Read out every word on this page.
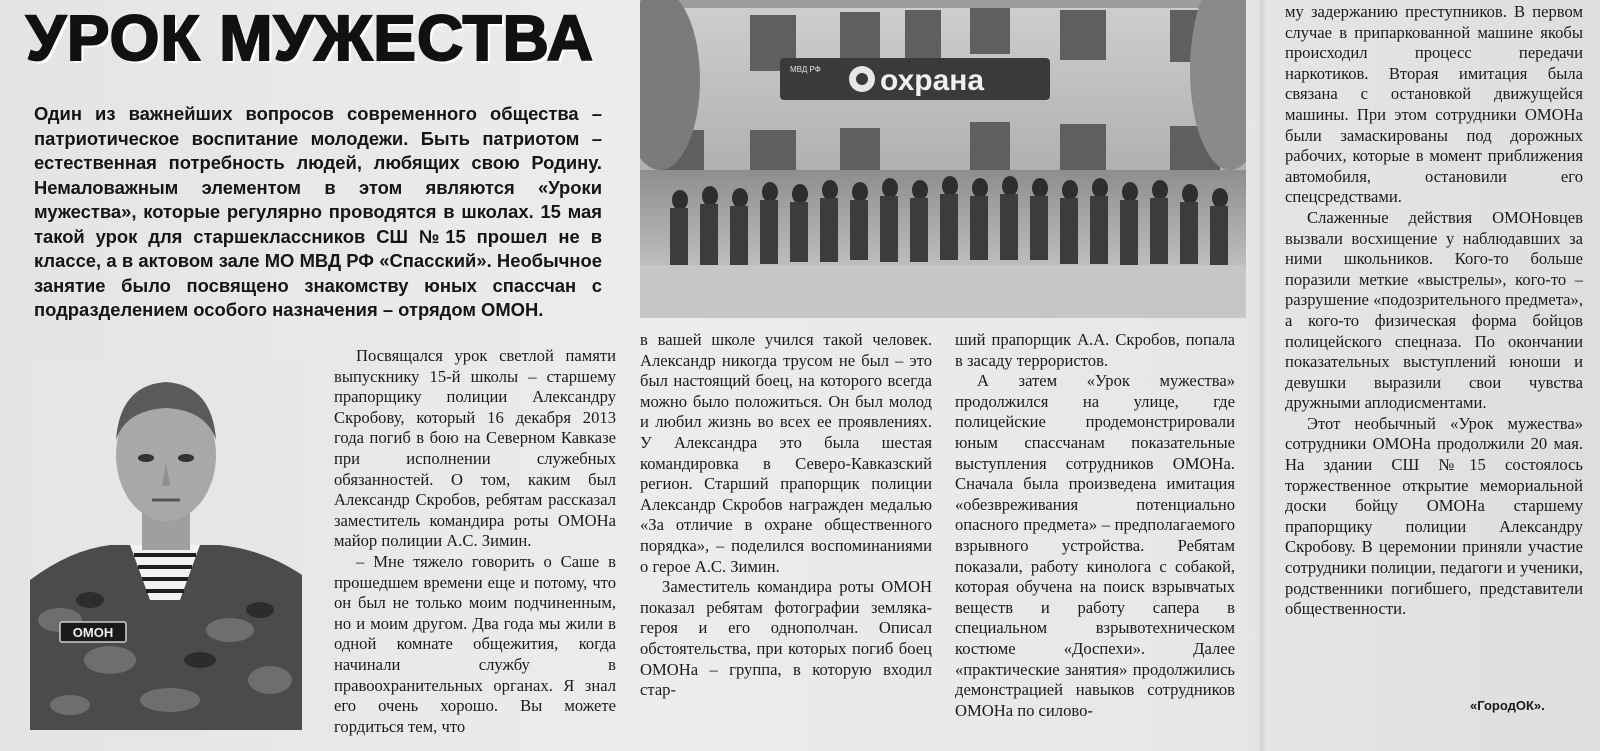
УРОК МУЖЕСТВА
Один из важнейших вопросов современного общества – патриотическое воспитание молодежи. Быть патриотом – естественная потребность людей, любящих свою Родину. Немаловажным элементом в этом являются «Уроки мужества», которые регулярно проводятся в школах. 15 мая такой урок для старшеклассников СШ №15 прошел не в классе, а в актовом зале МО МВД РФ «Спасский». Необычное занятие было посвящено знакомству юных спассчан с подразделением особого назначения – отрядом ОМОН.
охрана
МВД РФ
ОМОН

Посвящался урок светлой памяти выпускнику 15-й школы – старшему прапорщику полиции Александру Скробову, который 16 декабря 2013 года погиб в бою на Северном Кавказе при исполнении служебных обязанностей. О том, каким был Александр Скробов, ребятам рассказал заместитель командира роты ОМОНа майор полиции А.С. Зимин.

– Мне тяжело говорить о Саше в прошедшем времени еще и потому, что он был не только моим подчиненным, но и моим другом. Два года мы жили в одной комнате общежития, когда начинали службу в правоохранительных органах. Я знал его очень хорошо. Вы можете гордиться тем, что

в вашей школе учился такой человек. Александр никогда трусом не был – это был настоящий боец, на которого всегда можно было положиться. Он был молод и любил жизнь во всех ее проявлениях. У Александра это была шестая командировка в Северо-Кавказский регион. Старший прапорщик полиции Александр Скробов награжден медалью «За отличие в охране общественного порядка», – поделился воспоминаниями о герое А.С. Зимин.

Заместитель командира роты ОМОН показал ребятам фотографии земляка-героя и его однополчан. Описал обстоятельства, при которых погиб боец ОМОНа – группа, в которую входил стар-

ший прапорщик А.А. Скробов, попала в засаду террористов.

А затем «Урок мужества» продолжился на улице, где полицейские продемонстрировали юным спассчанам показательные выступления сотрудников ОМОНа. Сначала была произведена имитация «обезвреживания потенциально опасного предмета» – предполагаемого взрывного устройства. Ребятам показали, работу кинолога с собакой, которая обучена на поиск взрывчатых веществ и работу сапера в специальном взрывотехническом костюме «Доспехи». Далее «практические занятия» продолжились демонстрацией навыков сотрудников ОМОНа по силово-

му задержанию преступников. В первом случае в припаркованной машине якобы происходил процесс передачи наркотиков. Вторая имитация была связана с остановкой движущейся машины. При этом сотрудники ОМОНа были замаскированы под дорожных рабочих, которые в момент приближения автомобиля, остановили его спецсредствами.

Слаженные действия ОМОНовцев вызвали восхищение у наблюдавших за ними школьников. Кого-то больше поразили меткие «выстрелы», кого-то – разрушение «подозрительного предмета», а кого-то физическая форма бойцов полицейского спецназа. По окончании показательных выступлений юноши и девушки выразили свои чувства дружными аплодисментами.

Этот необычный «Урок мужества» сотрудники ОМОНа продолжили 20 мая. На здании СШ №15 состоялось торжественное открытие мемориальной доски бойцу ОМОНа старшему прапорщику полиции Александру Скробову. В церемонии приняли участие сотрудники полиции, педагоги и ученики, родственники погибшего, представители общественности.

«ГородОК».
